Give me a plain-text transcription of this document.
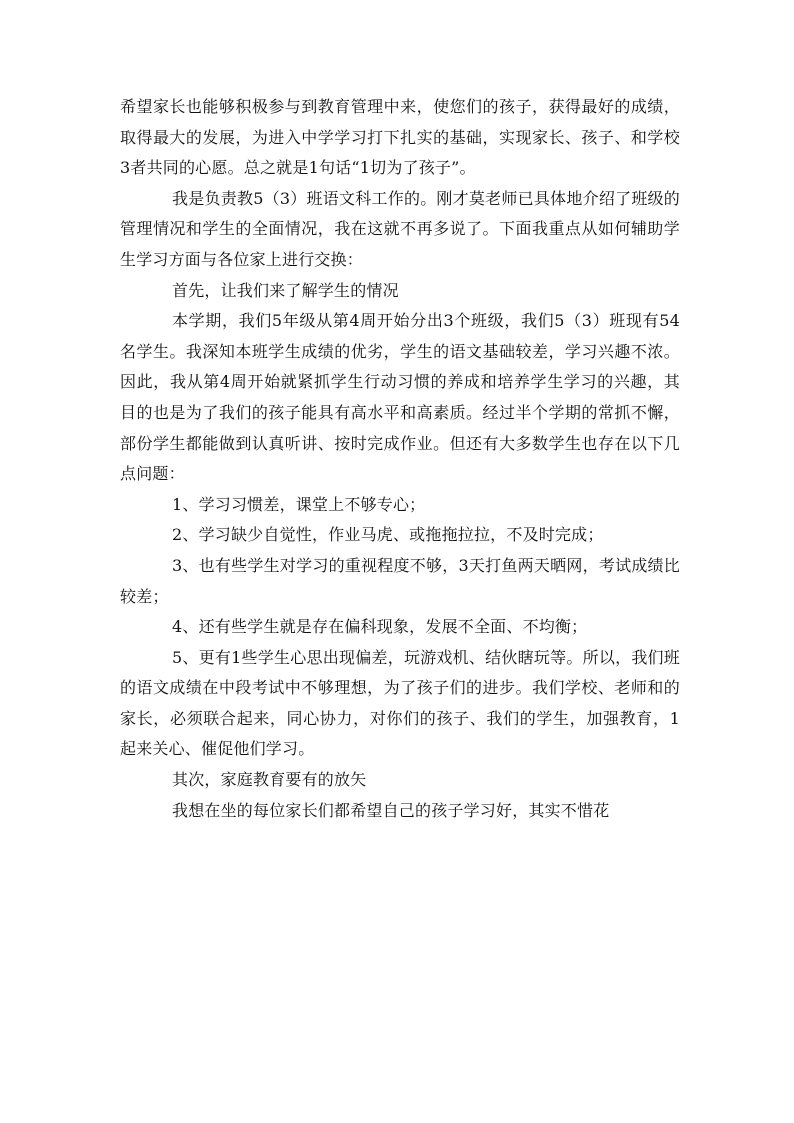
希望家长也能够积极参与到教育管理中来，使您们的孩子，获得最好的成绩，取得最大的发展，为进入中学学习打下扎实的基础，实现家长、孩子、和学校3者共同的心愿。总之就是1句话“1切为了孩子”。

我是负责教5（3）班语文科工作的。刚才莫老师已具体地介绍了班级的管理情况和学生的全面情况，我在这就不再多说了。下面我重点从如何辅助学生学习方面与各位家上进行交换：

首先，让我们来了解学生的情况

本学期，我们5年级从第4周开始分出3个班级，我们5（3）班现有54名学生。我深知本班学生成绩的优劣，学生的语文基础较差，学习兴趣不浓。因此，我从第4周开始就紧抓学生行动习惯的养成和培养学生学习的兴趣，其目的也是为了我们的孩子能具有高水平和高素质。经过半个学期的常抓不懈，部份学生都能做到认真听讲、按时完成作业。但还有大多数学生也存在以下几点问题：

1、学习习惯差，课堂上不够专心；

2、学习缺少自觉性，作业马虎、或拖拖拉拉，不及时完成；

3、也有些学生对学习的重视程度不够，3天打鱼两天晒网，考试成绩比较差；

4、还有些学生就是存在偏科现象，发展不全面、不均衡；

5、更有1些学生心思出现偏差，玩游戏机、结伙瞎玩等。所以，我们班的语文成绩在中段考试中不够理想，为了孩子们的进步。我们学校、老师和的家长，必须联合起来，同心协力，对你们的孩子、我们的学生，加强教育，1起来关心、催促他们学习。

其次，家庭教育要有的放矢

我想在坐的每位家长们都希望自己的孩子学习好，其实不惜花
